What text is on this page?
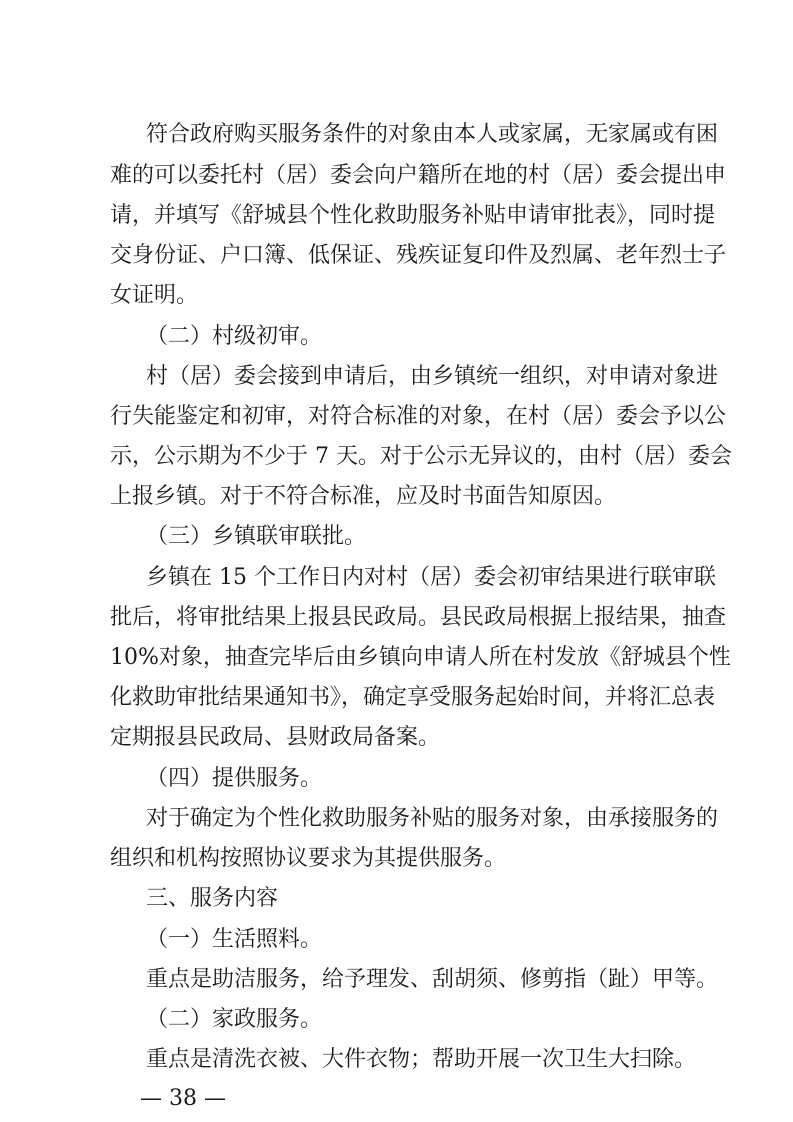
符合政府购买服务条件的对象由本人或家属，无家属或有困
难的可以委托村（居）委会向户籍所在地的村（居）委会提出申
请，并填写《舒城县个性化救助服务补贴申请审批表》，同时提
交身份证、户口簿、低保证、残疾证复印件及烈属、老年烈士子
女证明。
（二）村级初审。
村（居）委会接到申请后，由乡镇统一组织，对申请对象进
行失能鉴定和初审，对符合标准的对象，在村（居）委会予以公
示，公示期为不少于 7 天。对于公示无异议的，由村（居）委会
上报乡镇。对于不符合标准，应及时书面告知原因。
（三）乡镇联审联批。
乡镇在 15 个工作日内对村（居）委会初审结果进行联审联
批后，将审批结果上报县民政局。县民政局根据上报结果，抽查
10%对象，抽查完毕后由乡镇向申请人所在村发放《舒城县个性
化救助审批结果通知书》，确定享受服务起始时间，并将汇总表
定期报县民政局、县财政局备案。
（四）提供服务。
对于确定为个性化救助服务补贴的服务对象，由承接服务的
组织和机构按照协议要求为其提供服务。
三、服务内容
（一）生活照料。
重点是助洁服务，给予理发、刮胡须、修剪指（趾）甲等。
（二）家政服务。
重点是清洗衣被、大件衣物；帮助开展一次卫生大扫除。
— 38 —
